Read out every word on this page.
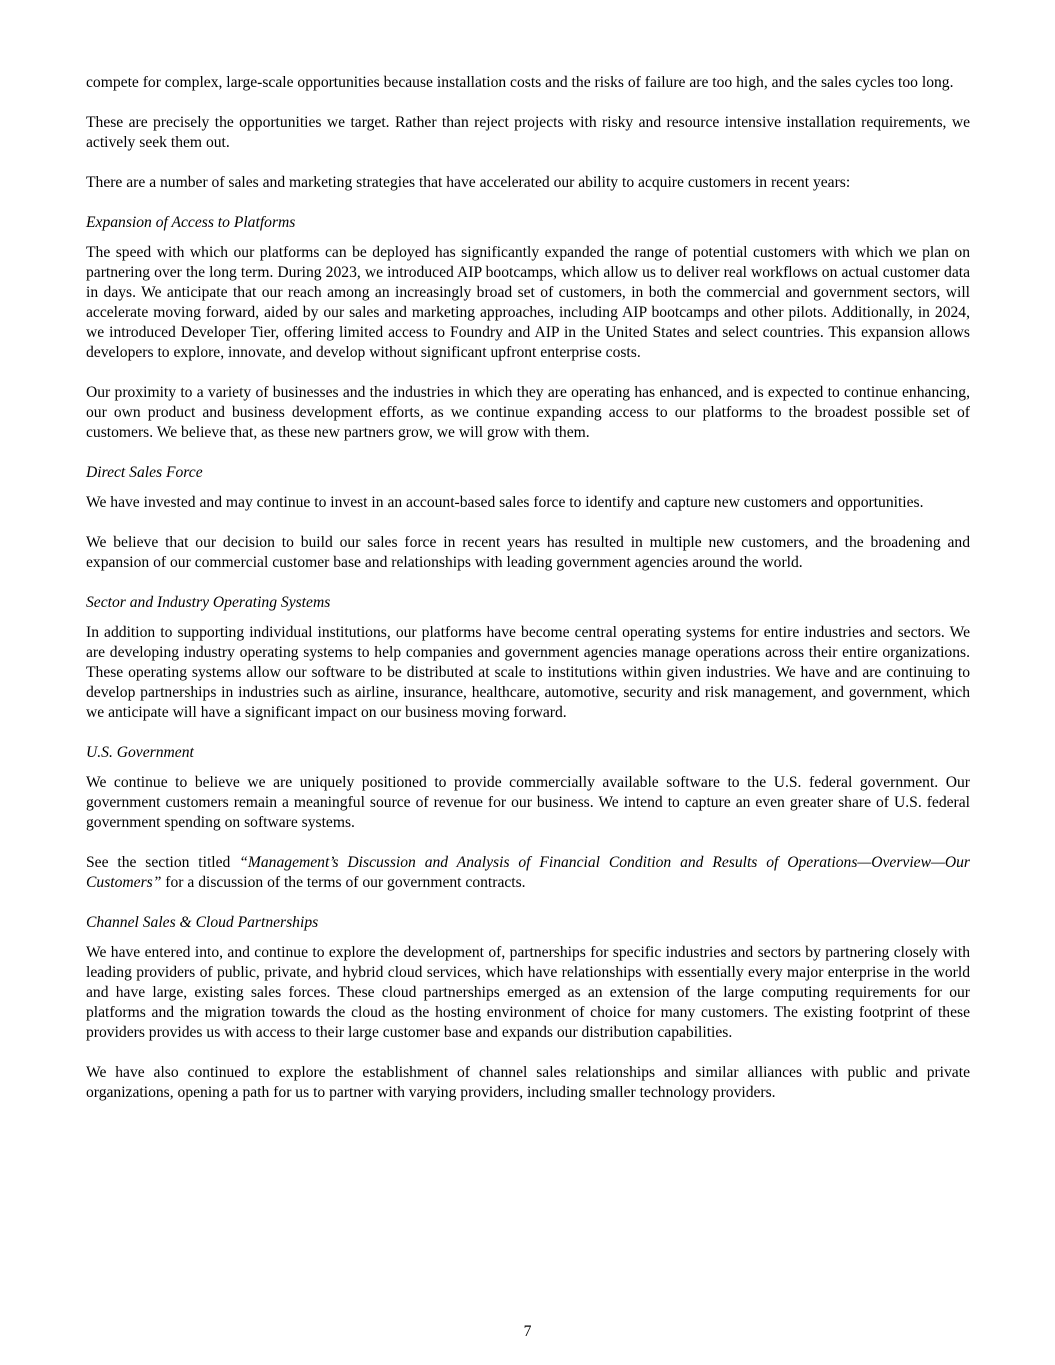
compete for complex, large-scale opportunities because installation costs and the risks of failure are too high, and the sales cycles too long.

These are precisely the opportunities we target. Rather than reject projects with risky and resource intensive installation requirements, we actively seek them out.

There are a number of sales and marketing strategies that have accelerated our ability to acquire customers in recent years:

Expansion of Access to Platforms

The speed with which our platforms can be deployed has significantly expanded the range of potential customers with which we plan on partnering over the long term. During 2023, we introduced AIP bootcamps, which allow us to deliver real workflows on actual customer data in days. We anticipate that our reach among an increasingly broad set of customers, in both the commercial and government sectors, will accelerate moving forward, aided by our sales and marketing approaches, including AIP bootcamps and other pilots. Additionally, in 2024, we introduced Developer Tier, offering limited access to Foundry and AIP in the United States and select countries. This expansion allows developers to explore, innovate, and develop without significant upfront enterprise costs.

Our proximity to a variety of businesses and the industries in which they are operating has enhanced, and is expected to continue enhancing, our own product and business development efforts, as we continue expanding access to our platforms to the broadest possible set of customers. We believe that, as these new partners grow, we will grow with them.

Direct Sales Force

We have invested and may continue to invest in an account-based sales force to identify and capture new customers and opportunities.

We believe that our decision to build our sales force in recent years has resulted in multiple new customers, and the broadening and expansion of our commercial customer base and relationships with leading government agencies around the world.

Sector and Industry Operating Systems

In addition to supporting individual institutions, our platforms have become central operating systems for entire industries and sectors. We are developing industry operating systems to help companies and government agencies manage operations across their entire organizations. These operating systems allow our software to be distributed at scale to institutions within given industries. We have and are continuing to develop partnerships in industries such as airline, insurance, healthcare, automotive, security and risk management, and government, which we anticipate will have a significant impact on our business moving forward.

U.S. Government

We continue to believe we are uniquely positioned to provide commercially available software to the U.S. federal government. Our government customers remain a meaningful source of revenue for our business. We intend to capture an even greater share of U.S. federal government spending on software systems.

See the section titled “Management’s Discussion and Analysis of Financial Condition and Results of Operations—Overview—Our Customers” for a discussion of the terms of our government contracts.

Channel Sales & Cloud Partnerships

We have entered into, and continue to explore the development of, partnerships for specific industries and sectors by partnering closely with leading providers of public, private, and hybrid cloud services, which have relationships with essentially every major enterprise in the world and have large, existing sales forces. These cloud partnerships emerged as an extension of the large computing requirements for our platforms and the migration towards the cloud as the hosting environment of choice for many customers. The existing footprint of these providers provides us with access to their large customer base and expands our distribution capabilities.

We have also continued to explore the establishment of channel sales relationships and similar alliances with public and private organizations, opening a path for us to partner with varying providers, including smaller technology providers.

7
